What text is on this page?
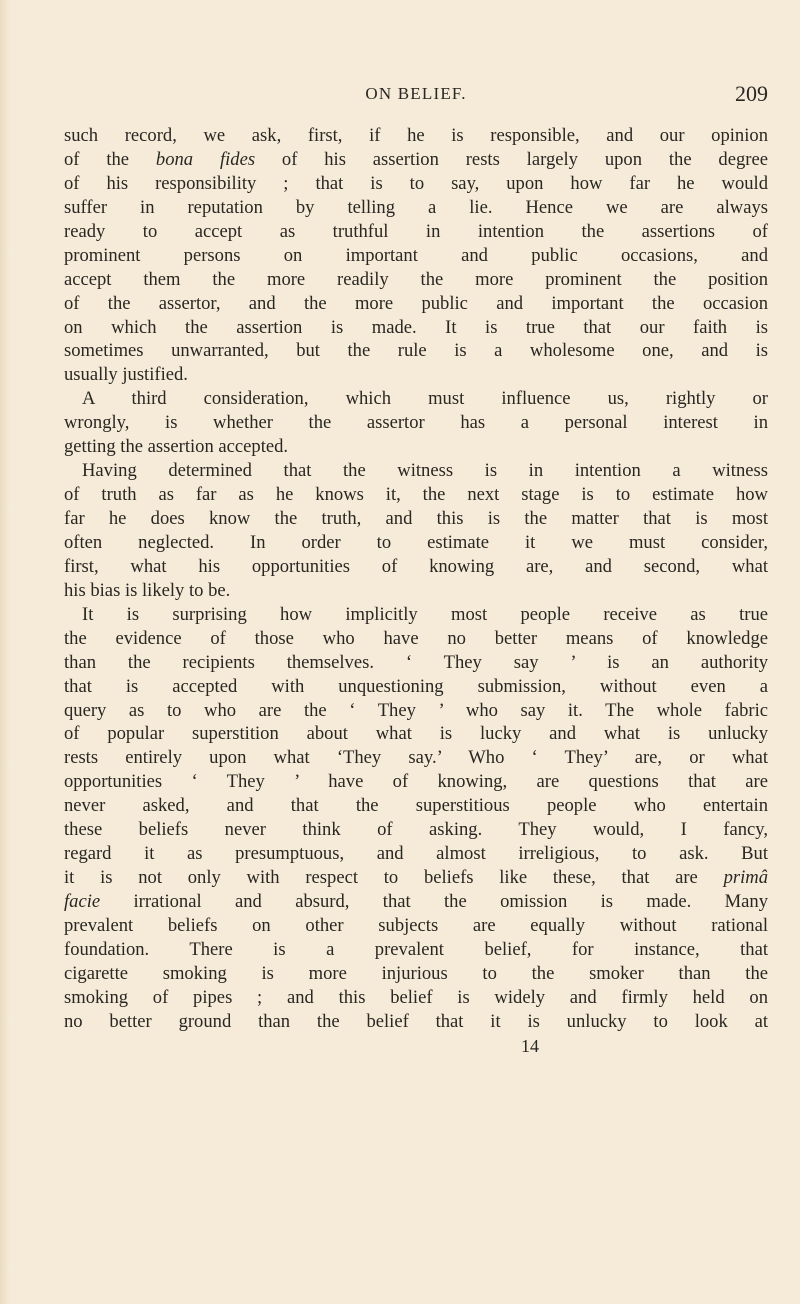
ON BELIEF.	209
such record, we ask, first, if he is responsible, and our opinion
of the bona fides of his assertion rests largely upon the degree
of his responsibility ; that is to say, upon how far he would
suffer in reputation by telling a lie. Hence we are always
ready to accept as truthful in intention the assertions of
prominent persons on important and public occasions, and
accept them the more readily the more prominent the position
of the assertor, and the more public and important the occasion
on which the assertion is made. It is true that our faith is
sometimes unwarranted, but the rule is a wholesome one, and is
usually justified.
A third consideration, which must influence us, rightly or
wrongly, is whether the assertor has a personal interest in
getting the assertion accepted.
Having determined that the witness is in intention a witness
of truth as far as he knows it, the next stage is to estimate how
far he does know the truth, and this is the matter that is most
often neglected. In order to estimate it we must consider,
first, what his opportunities of knowing are, and second, what
his bias is likely to be.
It is surprising how implicitly most people receive as true
the evidence of those who have no better means of knowledge
than the recipients themselves. ‘ They say ’ is an authority
that is accepted with unquestioning submission, without even a
query as to who are the ‘ They ’ who say it. The whole fabric
of popular superstition about what is lucky and what is unlucky
rests entirely upon what ‘They say.’ Who ‘ They’ are, or what
opportunities ‘ They ’ have of knowing, are questions that are
never asked, and that the superstitious people who entertain
these beliefs never think of asking. They would, I fancy,
regard it as presumptuous, and almost irreligious, to ask. But
it is not only with respect to beliefs like these, that are primâ
facie irrational and absurd, that the omission is made. Many
prevalent beliefs on other subjects are equally without rational
foundation. There is a prevalent belief, for instance, that
cigarette smoking is more injurious to the smoker than the
smoking of pipes ; and this belief is widely and firmly held on
no better ground than the belief that it is unlucky to look at
14
